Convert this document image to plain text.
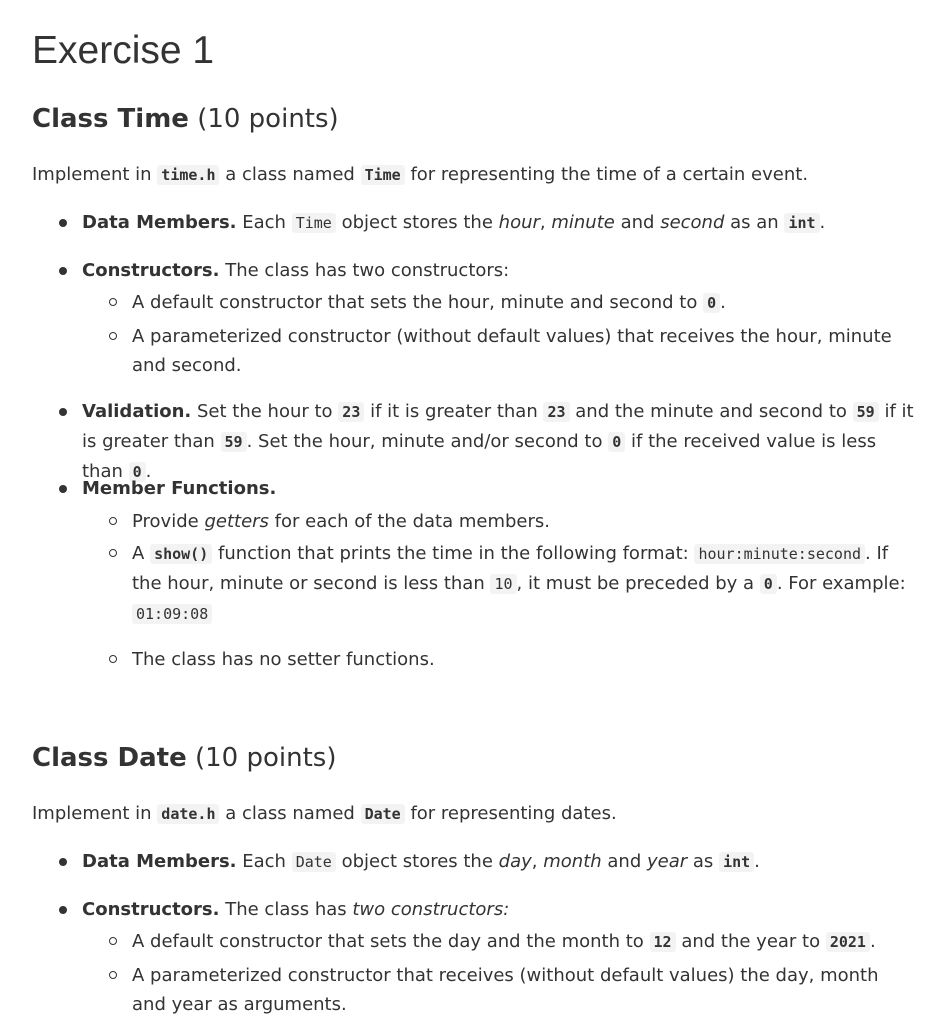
Exercise 1
Class Time (10 points)

Implement in time.h a class named Time for representing the time of a certain event.

Data Members. Each Time object stores the hour, minute and second as an int .
Constructors. The class has two constructors:
A default constructor that sets the hour, minute and second to 0 .
A parameterized constructor (without default values) that receives the hour, minute and second.
Validation. Set the hour to 23 if it is greater than 23 and the minute and second to 59 if it is greater than 59 . Set the hour, minute and/or second to 0 if the received value is less than 0 .
Member Functions.
Provide getters for each of the data members.
A show() function that prints the time in the following format: hour:minute:second . If the hour, minute or second is less than 10 , it must be preceded by a 0 . For example:
01:09:08
The class has no setter functions.
Class Date (10 points)

Implement in date.h a class named Date for representing dates.

Data Members. Each Date object stores the day, month and year as int .
Constructors. The class has two constructors:
A default constructor that sets the day and the month to 12 and the year to 2021 .
A parameterized constructor that receives (without default values) the day, month and year as arguments.
